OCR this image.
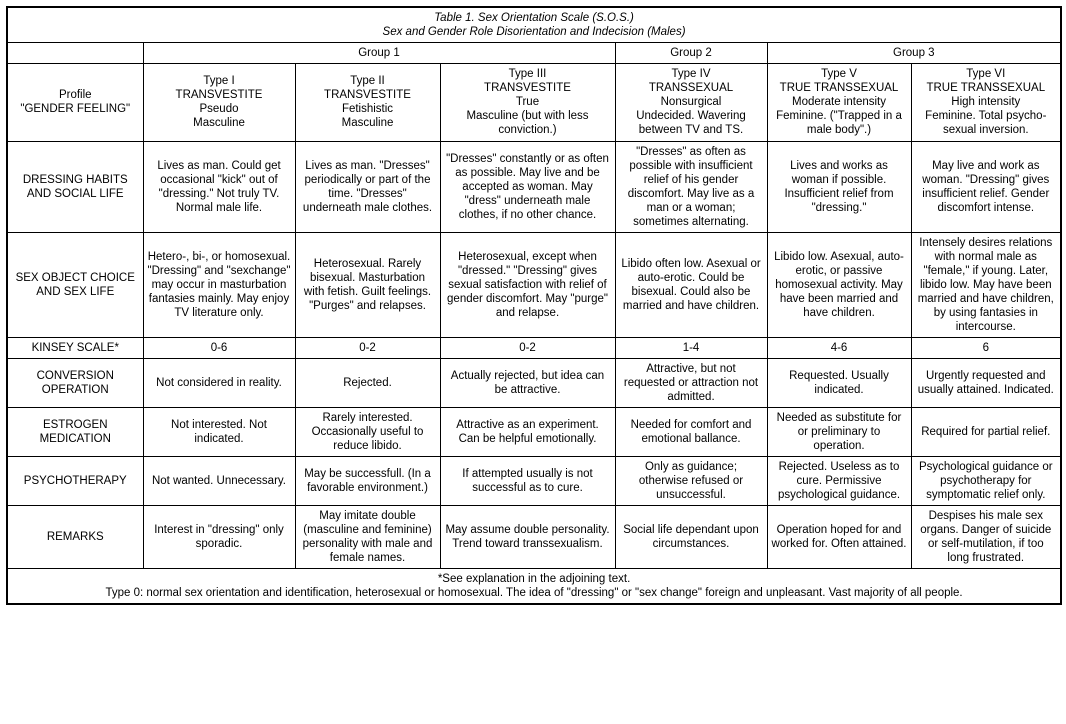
Table 1. Sex Orientation Scale (S.O.S.)
Sex and Gender Role Disorientation and Indecision (Males)						

	Group 1			Group 2	Group 3	

Profile
"GENDER FEELING"	Type I
TRANSVESTITE
Pseudo
Masculine	Type II
TRANSVESTITE
Fetishistic
Masculine	Type III
TRANSVESTITE
True
Masculine (but with less conviction.)	Type IV
TRANSSEXUAL
Nonsurgical
Undecided. Wavering between TV and TS.	Type V
TRUE TRANSSEXUAL
Moderate intensity
Feminine. ("Trapped in a male body".)	Type VI
TRUE TRANSSEXUAL
High intensity
Feminine. Total psycho-sexual inversion.

DRESSING HABITS AND SOCIAL LIFE	Lives as man. Could get occasional "kick" out of "dressing." Not truly TV. Normal male life.	Lives as man. "Dresses" periodically or part of the time. "Dresses" underneath male clothes.	"Dresses" constantly or as often as possible. May live and be accepted as woman. May "dress" underneath male clothes, if no other chance.	"Dresses" as often as possible with insufficient relief of his gender discomfort. May live as a man or a woman; sometimes alternating.	Lives and works as woman if possible. Insufficient relief from "dressing."	May live and work as woman. "Dressing" gives insufficient relief. Gender discomfort intense.
SEX OBJECT CHOICE AND SEX LIFE	Hetero-, bi-, or homosexual. "Dressing" and "sexchange" may occur in masturbation fantasies mainly. May enjoy TV literature only.	Heterosexual. Rarely bisexual. Masturbation with fetish. Guilt feelings. "Purges" and relapses.	Heterosexual, except when "dressed." "Dressing" gives sexual satisfaction with relief of gender discomfort. May "purge" and relapse.	Libido often low. Asexual or auto-erotic. Could be bisexual. Could also be married and have children.	Libido low. Asexual, auto-erotic, or passive homosexual activity. May have been married and have children.	Intensely desires relations with normal male as "female," if young. Later, libido low. May have been married and have children, by using fantasies in intercourse.
KINSEY SCALE*	0-6	0-2	0-2	1-4	4-6	6
CONVERSION OPERATION	Not considered in reality.	Rejected.	Actually rejected, but idea can be attractive.	Attractive, but not requested or attraction not admitted.	Requested. Usually indicated.	Urgently requested and usually attained. Indicated.
ESTROGEN MEDICATION	Not interested. Not indicated.	Rarely interested. Occasionally useful to reduce libido.	Attractive as an experiment. Can be helpful emotionally.	Needed for comfort and emotional ballance.	Needed as substitute for or preliminary to operation.	Required for partial relief.
PSYCHOTHERAPY	Not wanted. Unnecessary.	May be successfull. (In a favorable environment.)	If attempted usually is not successful as to cure.	Only as guidance; otherwise refused or unsuccessful.	Rejected. Useless as to cure. Permissive psychological guidance.	Psychological guidance or psychotherapy for symptomatic relief only.
REMARKS	Interest in "dressing" only sporadic.	May imitate double (masculine and feminine) personality with male and female names.	May assume double personality. Trend toward transsexualism.	Social life dependant upon circumstances.	Operation hoped for and worked for. Often attained.	Despises his male sex organs. Danger of suicide or self-mutilation, if too long frustrated.

*See explanation in the adjoining text.
Type 0: normal sex orientation and identification, heterosexual or homosexual. The idea of "dressing" or "sex change" foreign and unpleasant. Vast majority of all people.						
